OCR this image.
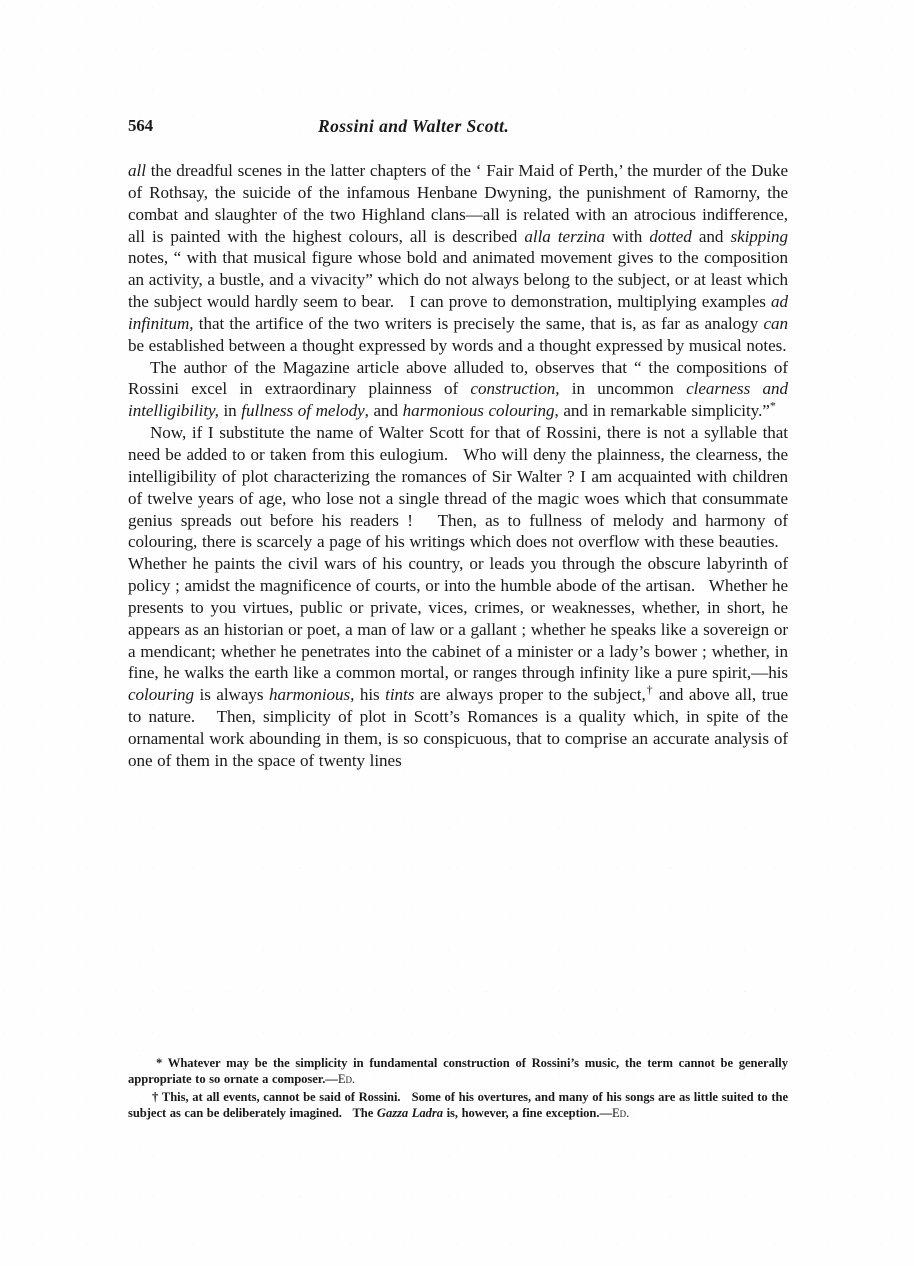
564	Rossini and Walter Scott.

all the dreadful scenes in the latter chapters of the ‘ Fair Maid of Perth,’ the murder of the Duke of Rothsay, the suicide of the infamous Henbane Dwyning, the punishment of Ramorny, the combat and slaughter of the two Highland clans—all is related with an atrocious indifference, all is painted with the highest colours, all is described alla terzina with dotted and skipping notes, “ with that musical figure whose bold and animated movement gives to the composition an activity, a bustle, and a vivacity” which do not always belong to the subject, or at least which the subject would hardly seem to bear.   I can prove to demonstration, multiplying examples ad infinitum, that the artifice of the two writers is precisely the same, that is, as far as analogy can be established between a thought expressed by words and a thought expressed by musical notes.

The author of the Magazine article above alluded to, observes that “ the compositions of Rossini excel in extraordinary plainness of construction, in uncommon clearness and intelligibility, in fullness of melody, and harmonious colouring, and in remarkable simplicity.”*

Now, if I substitute the name of Walter Scott for that of Rossini, there is not a syllable that need be added to or taken from this eulogium.   Who will deny the plainness, the clearness, the intelligibility of plot characterizing the romances of Sir Walter ? I am acquainted with children of twelve years of age, who lose not a single thread of the magic woes which that consummate genius spreads out before his readers !   Then, as to fullness of melody and harmony of colouring, there is scarcely a page of his writings which does not overflow with these beauties.   Whether he paints the civil wars of his country, or leads you through the obscure labyrinth of policy ; amidst the magnificence of courts, or into the humble abode of the artisan.   Whether he presents to you virtues, public or private, vices, crimes, or weaknesses, whether, in short, he appears as an historian or poet, a man of law or a gallant ; whether he speaks like a sovereign or a mendicant; whether he penetrates into the cabinet of a minister or a lady’s bower ; whether, in fine, he walks the earth like a common mortal, or ranges through infinity like a pure spirit,—his colouring is always harmonious, his tints are always proper to the subject,† and above all, true to nature.   Then, simplicity of plot in Scott’s Romances is a quality which, in spite of the ornamental work abounding in them, is so conspicuous, that to comprise an accurate analysis of one of them in the space of twenty lines

* Whatever may be the simplicity in fundamental construction of Rossini’s music, the term cannot be generally appropriate to so ornate a composer.—Ed.

† This, at all events, cannot be said of Rossini.   Some of his overtures, and many of his songs are as little suited to the subject as can be deliberately imagined.   The Gazza Ladra is, however, a fine exception.—Ed.
